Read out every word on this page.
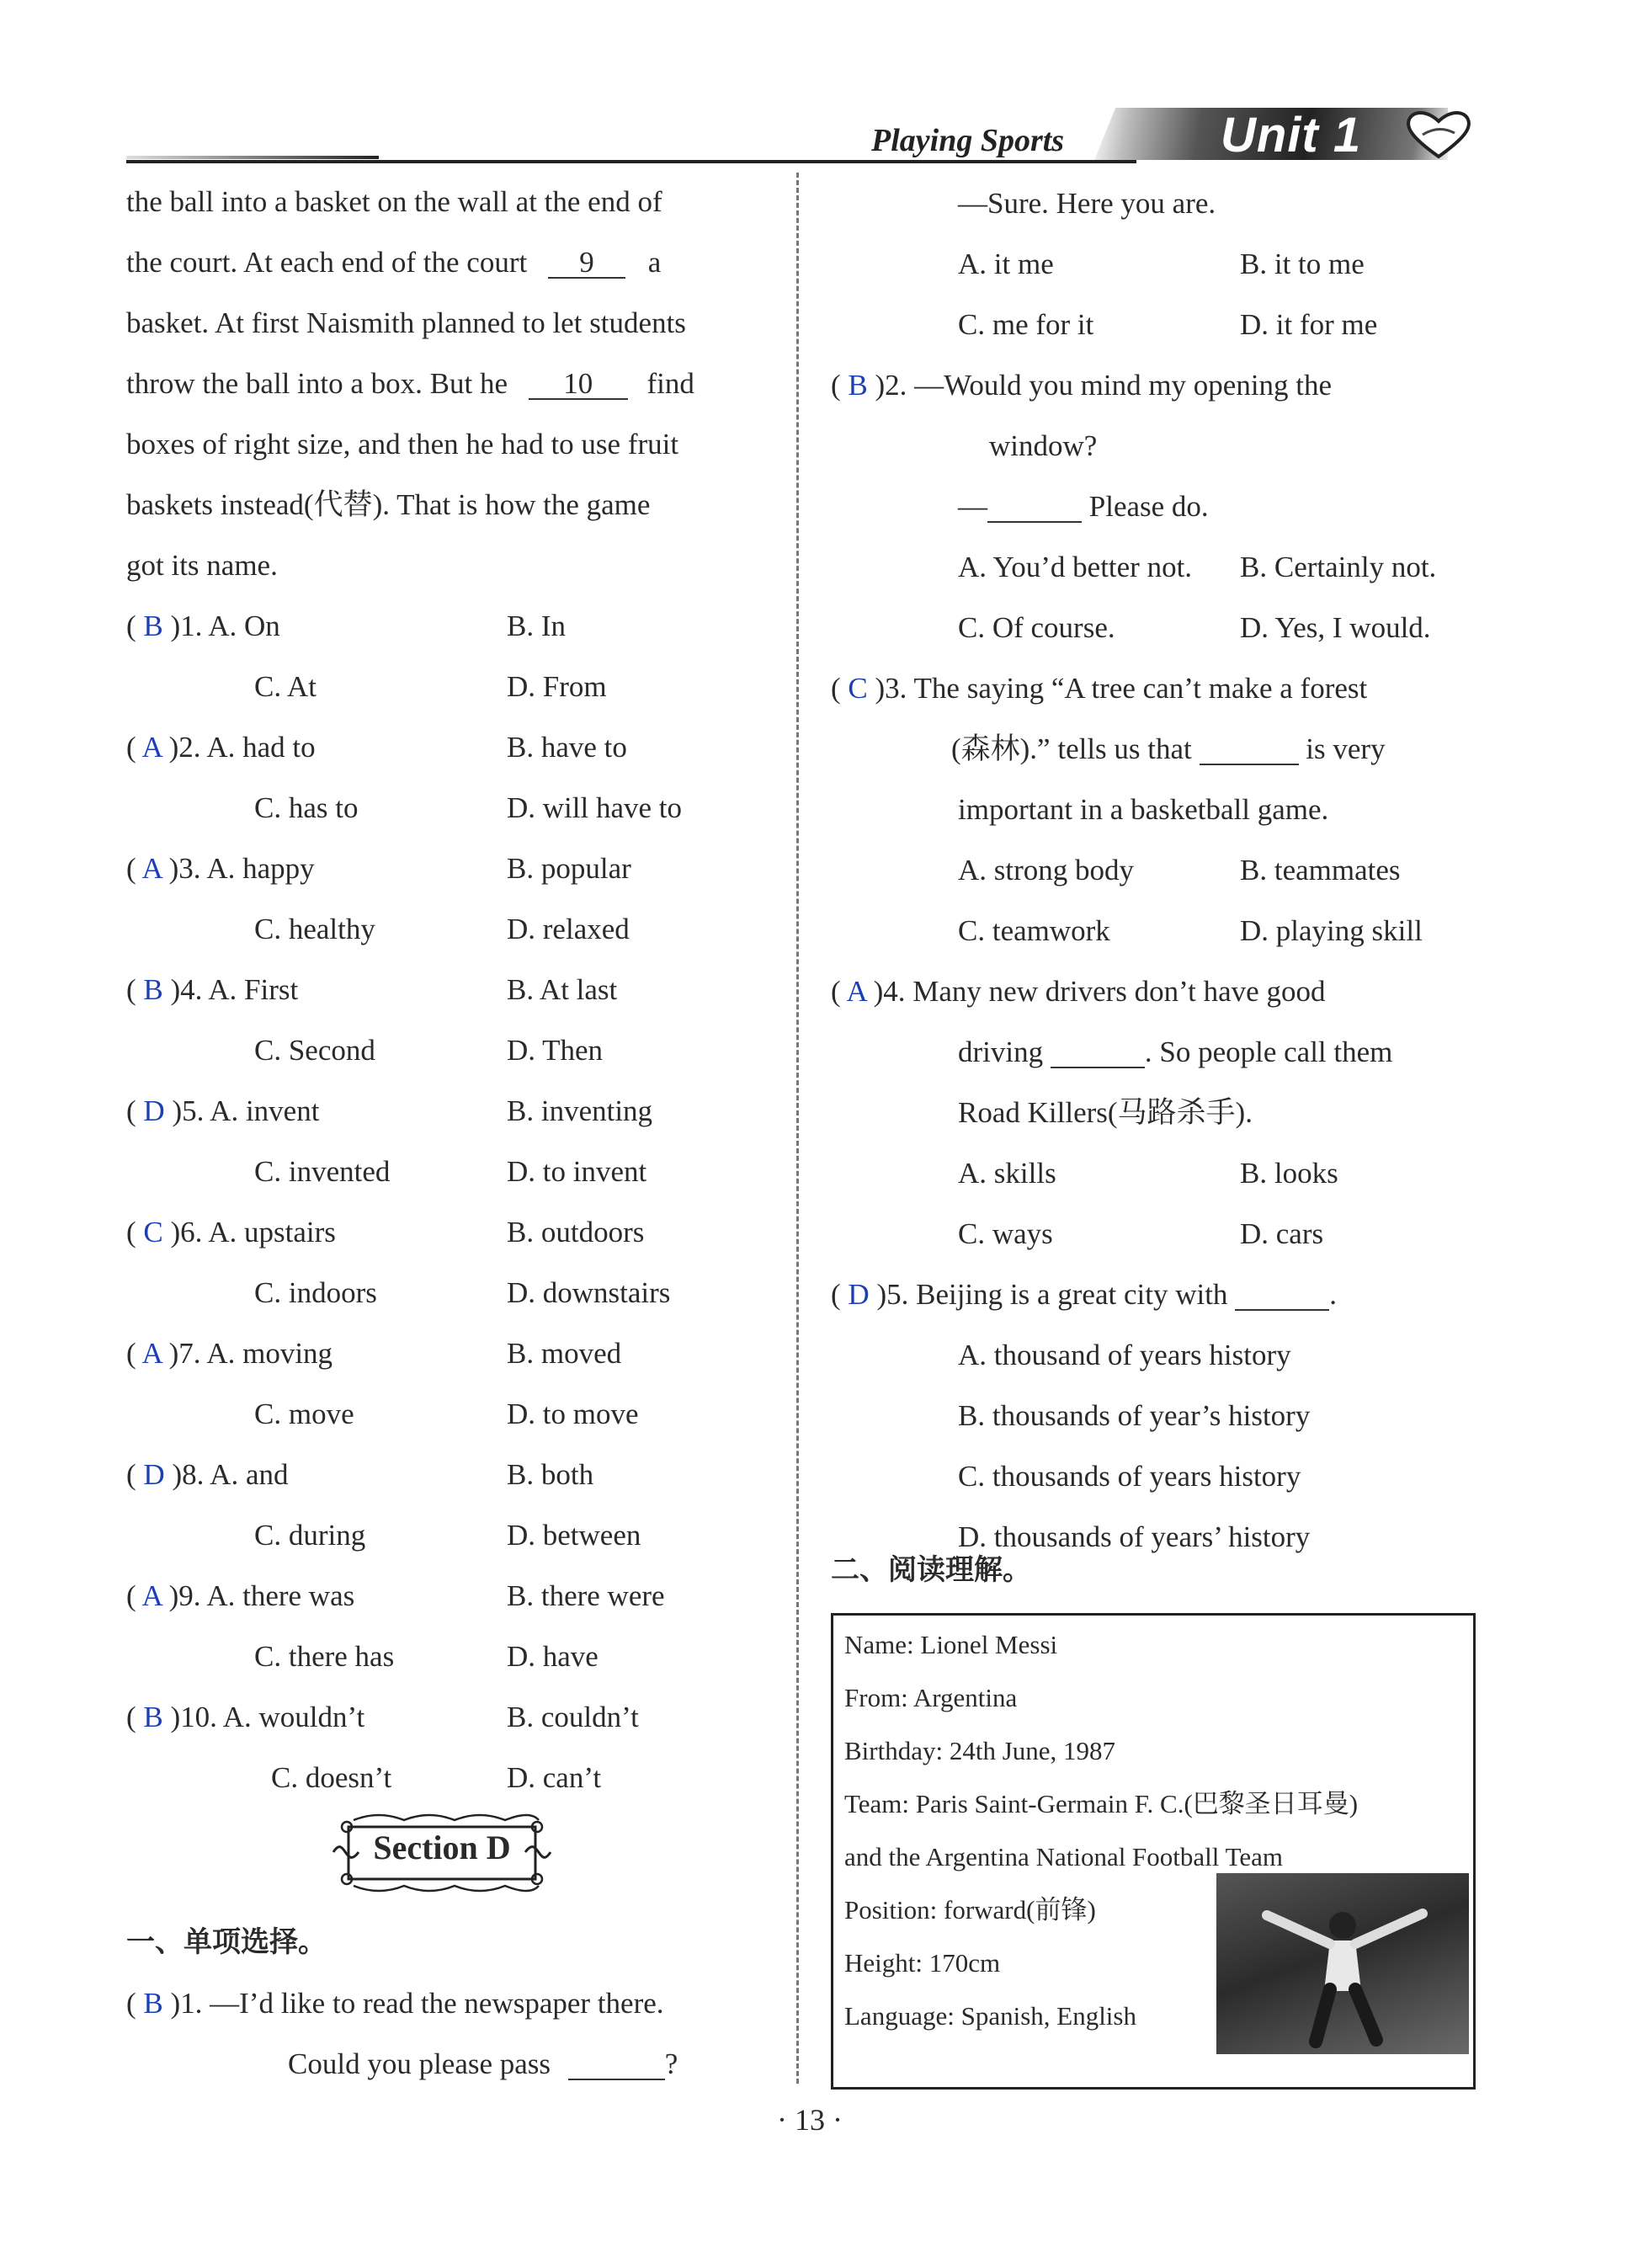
Playing Sports	Unit 1
the ball into a basket on the wall at the end of
the court. At each end of the court 9 a
basket. At first Naismith planned to let students
throw the ball into a box. But he 10 find
boxes of right size, and then he had to use fruit
baskets instead(代替). That is how the game
got its name.
( B )1. A. On	B. In
C. At	D. From
( A )2. A. had to	B. have to
C. has to	D. will have to
( A )3. A. happy	B. popular
C. healthy	D. relaxed
( B )4. A. First	B. At last
C. Second	D. Then
( D )5. A. invent	B. inventing
C. invented	D. to invent
( C )6. A. upstairs	B. outdoors
C. indoors	D. downstairs
( A )7. A. moving	B. moved
C. move	D. to move
( D )8. A. and	B. both
C. during	D. between
( A )9. A. there was	B. there were
C. there has	D. have
( B )10. A. wouldn’t	B. couldn’t
C. doesn’t	D. can’t
Section D
一、单项选择。
( B )1. —I’d like to read the newspaper there.
Could you please pass	?
—Sure. Here you are.
A. it me	B. it to me
C. me for it	D. it for me
( B )2. —Would you mind my opening the
window?
—	Please do.
A. You’d better not. B. Certainly not.
C. Of course.	D. Yes, I would.
( C )3. The saying “A tree can’t make a forest
(森林).” tells us that	is very
important in a basketball game.
A. strong body	B. teammates
C. teamwork	D. playing skill
( A )4. Many new drivers don’t have good
driving	. So people call them
Road Killers(马路杀手).
A. skills	B. looks
C. ways	D. cars
( D )5. Beijing is a great city with	.
A. thousand of years history
B. thousands of year’s history
C. thousands of years history
D. thousands of years’ history
二、阅读理解。
Name: Lionel Messi
From: Argentina
Birthday: 24th June, 1987
Team: Paris Saint-Germain F. C.(巴黎圣日耳曼)
and the Argentina National Football Team
Position: forward(前锋)
Height: 170cm
Language: Spanish, English
· 13 ·
